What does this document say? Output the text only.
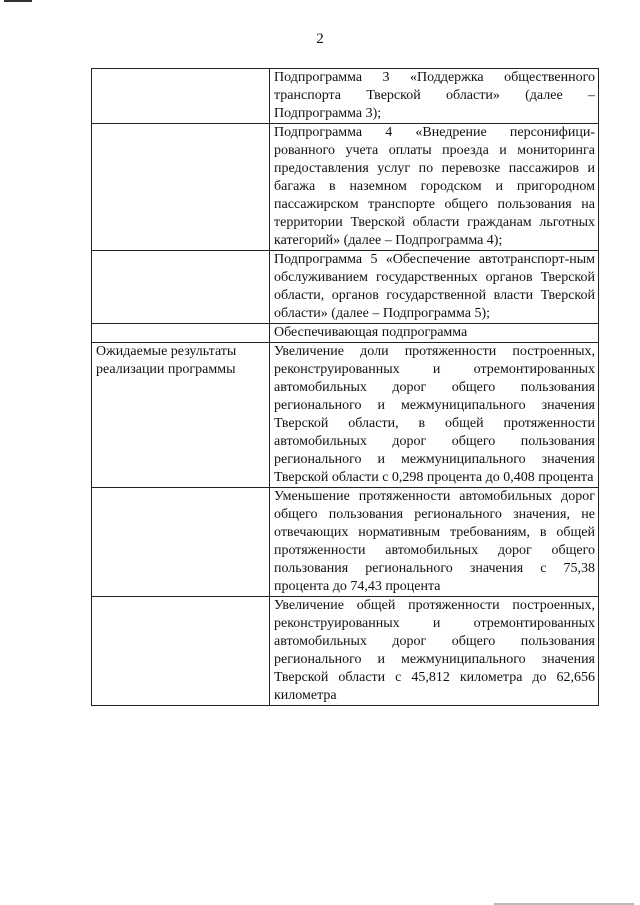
2
	Подпрограмма 3 «Поддержка общественного транспорта Тверской области» (далее – Подпрограмма 3);
	Подпрограмма 4 «Внедрение персонифици-рованного учета оплаты проезда и мониторинга предоставления услуг по перевозке пассажиров и багажа в наземном городском и пригородном пассажирском транспорте общего пользования на территории Тверской области гражданам льготных категорий» (далее – Подпрограмма 4);
	Подпрограмма 5 «Обеспечение автотранспорт-ным обслуживанием государственных органов Тверской области, органов государственной власти Тверской области» (далее – Подпрограмма 5);
	Обеспечивающая подпрограмма
Ожидаемые результаты реализации программы	Увеличение доли протяженности построенных, реконструированных и отремонтированных автомобильных дорог общего пользования регионального и межмуниципального значения Тверской области, в общей протяженности автомобильных дорог общего пользования регионального и межмуниципального значения Тверской области с 0,298 процента до 0,408 процента
	Уменьшение протяженности автомобильных дорог общего пользования регионального значения, не отвечающих нормативным требованиям, в общей протяженности автомобильных дорог общего пользования регионального значения с 75,38 процента до 74,43 процента
	Увеличение общей протяженности построенных, реконструированных и отремонтированных автомобильных дорог общего пользования регионального и межмуниципального значения Тверской области с 45,812 километра до 62,656 километра
